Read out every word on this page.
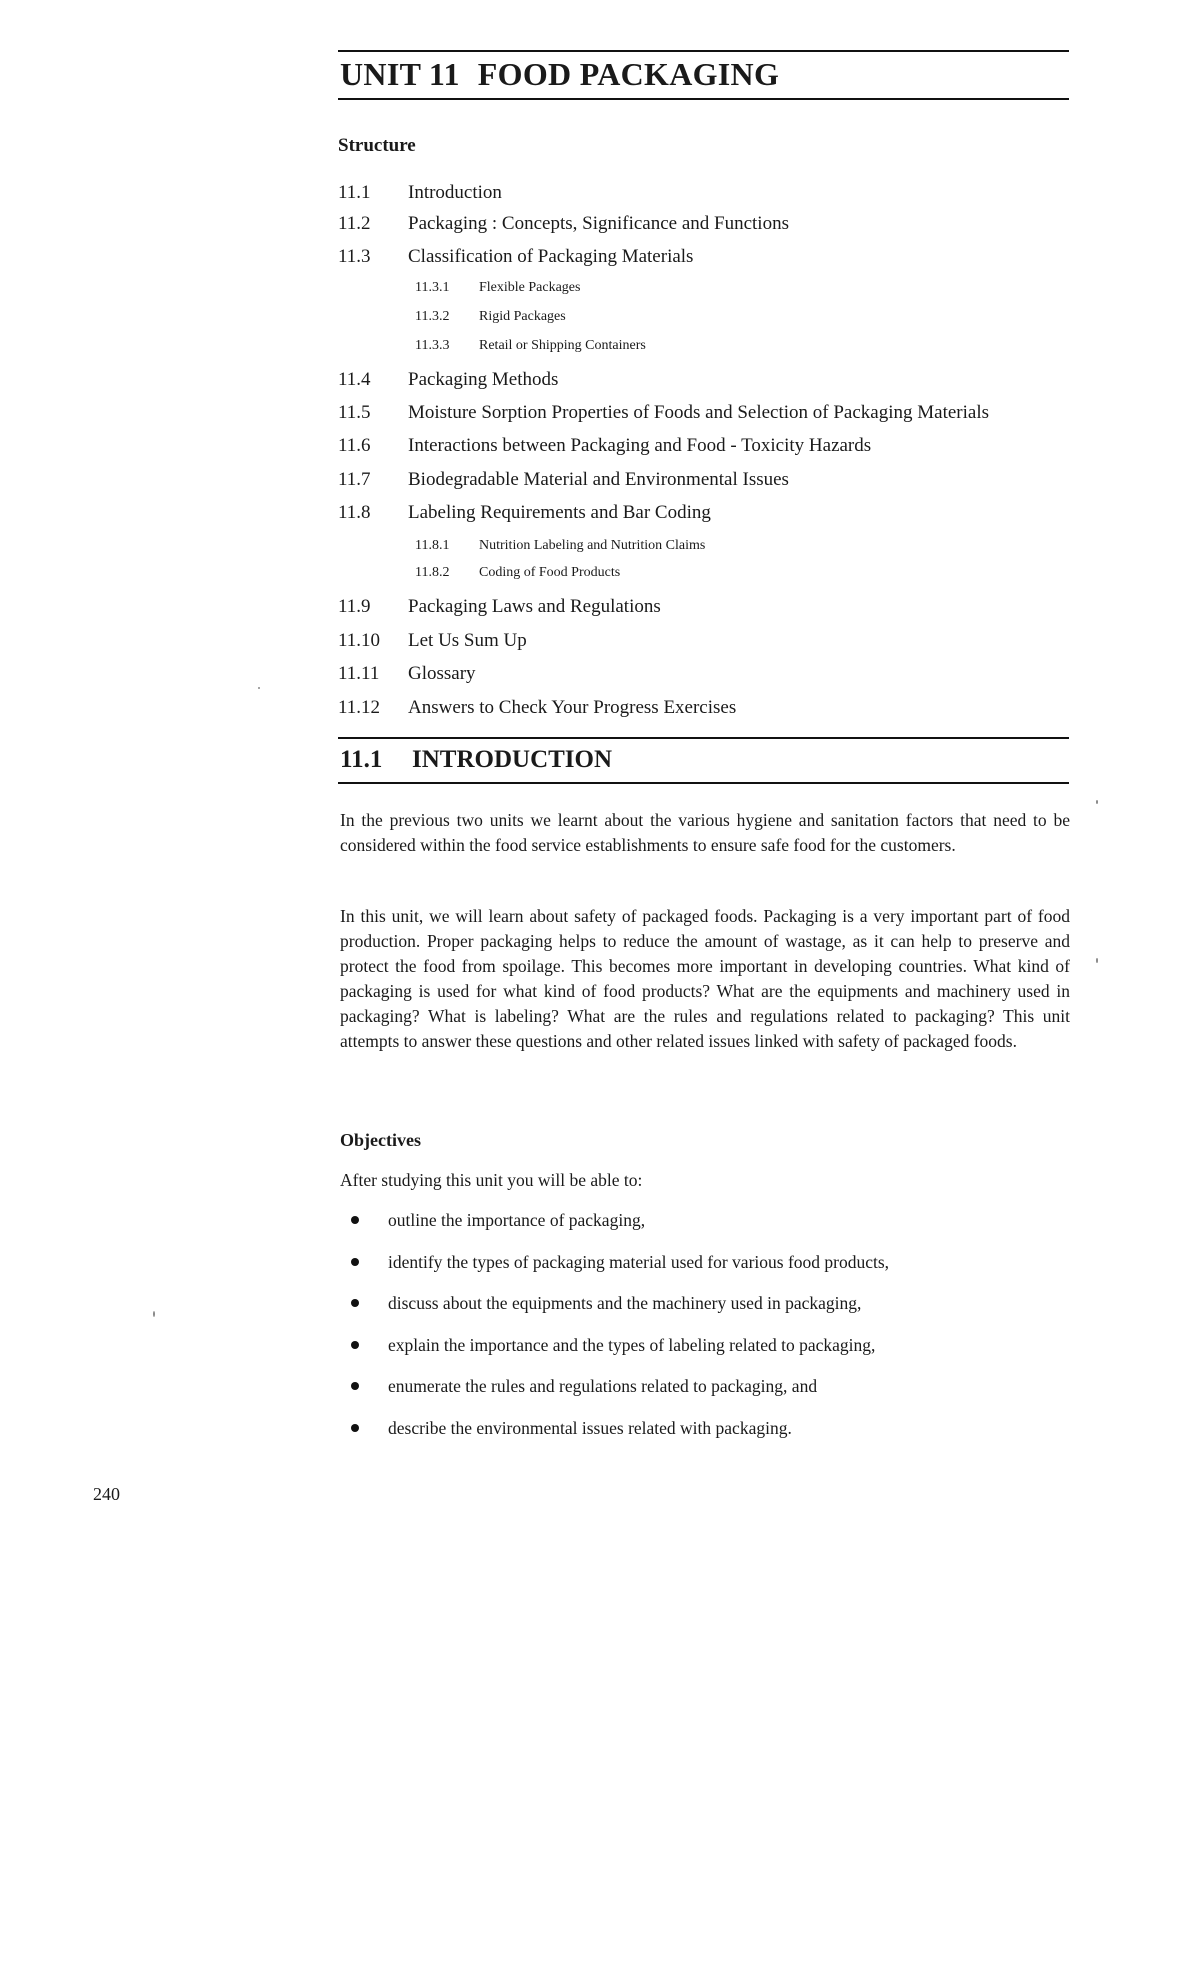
UNIT 11 FOOD PACKAGING
Structure
11.1 Introduction
11.2 Packaging : Concepts, Significance and Functions
11.3 Classification of Packaging Materials
11.3.1 Flexible Packages
11.3.2 Rigid Packages
11.3.3 Retail or Shipping Containers
11.4 Packaging Methods
11.5 Moisture Sorption Properties of Foods and Selection of Packaging Materials
11.6 Interactions between Packaging and Food - Toxicity Hazards
11.7 Biodegradable Material and Environmental Issues
11.8 Labeling Requirements and Bar Coding
11.8.1 Nutrition Labeling and Nutrition Claims
11.8.2 Coding of Food Products
11.9 Packaging Laws and Regulations
11.10 Let Us Sum Up
11.11 Glossary
11.12 Answers to Check Your Progress Exercises
11.1 INTRODUCTION

In the previous two units we learnt about the various hygiene and sanitation factors that need to be considered within the food service establishments to ensure safe food for the customers.

In this unit, we will learn about safety of packaged foods. Packaging is a very important part of food production. Proper packaging helps to reduce the amount of wastage, as it can help to preserve and protect the food from spoilage. This becomes more important in developing countries. What kind of packaging is used for what kind of food products? What are the equipments and machinery used in packaging? What is labeling? What are the rules and regulations related to packaging? This unit attempts to answer these questions and other related issues linked with safety of packaged foods.

Objectives
After studying this unit you will be able to:
outline the importance of packaging,
identify the types of packaging material used for various food products,
discuss about the equipments and the machinery used in packaging,
explain the importance and the types of labeling related to packaging,
enumerate the rules and regulations related to packaging, and
describe the environmental issues related with packaging.
240
